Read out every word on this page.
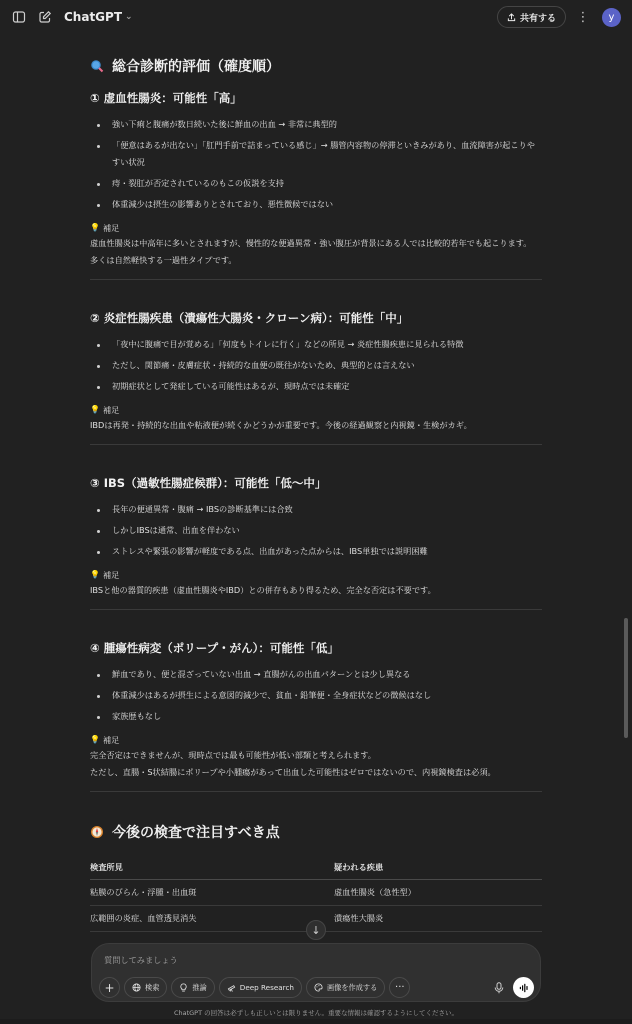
ChatGPT ⌄	共有する ⋮	y
総合診断的評価（確度順）
① 虚血性腸炎：可能性「高」
強い下痢と腹痛が数日続いた後に鮮血の出血 → 非常に典型的
「便意はあるが出ない」「肛門手前で詰まっている感じ」→ 腸管内容物の停滞といきみがあり、血流障害が起こりやすい状況
痔・裂肛が否定されているのもこの仮説を支持
体重減少は摂生の影響ありとされており、悪性徴候ではない
💡 補足
虚血性腸炎は中高年に多いとされますが、慢性的な便過異常・強い腹圧が背景にある人では比較的若年でも起こります。
多くは自然軽快する一過性タイプです。
② 炎症性腸疾患（潰瘍性大腸炎・クローン病）：可能性「中」
「夜中に腹痛で目が覚める」「何度もトイレに行く」などの所見 → 炎症性腸疾患に見られる特徴
ただし、関節痛・皮膚症状・持続的な血便の既往がないため、典型的とは言えない
初期症状として発症している可能性はあるが、現時点では未確定
💡 補足
IBDは再発・持続的な出血や粘液便が続くかどうかが重要です。今後の経過観察と内視鏡・生検がカギ。
③ IBS（過敏性腸症候群）：可能性「低〜中」
長年の便通異常・腹痛 → IBSの診断基準には合致
しかしIBSは通常、出血を伴わない
ストレスや緊張の影響が軽度である点、出血があった点からは、IBS単独では説明困難
💡 補足
IBSと他の器質的疾患（虚血性腸炎やIBD）との併存もあり得るため、完全な否定は不要です。
④ 腫瘍性病変（ポリープ・がん）：可能性「低」
鮮血であり、便と混ざっていない出血 → 直腸がんの出血パターンとは少し異なる
体重減少はあるが摂生による意図的減少で、貧血・鉛筆便・全身症状などの徴候はなし
家族歴もなし
💡 補足
完全否定はできませんが、現時点では最も可能性が低い部類と考えられます。
ただし、直腸・S状結腸にポリープや小腫瘍があって出血した可能性はゼロではないので、内視鏡検査は必須。
今後の検査で注目すべき点
検査所見	疑われる疾患
粘膜のびらん・浮腫・出血斑	虚血性腸炎（急性型）
広範囲の炎症、血管透見消失	潰瘍性大腸炎
↓
質問してみましょう
+	検索	推論	Deep Research	画像を作成する	···
ChatGPT の回答は必ずしも正しいとは限りません。重要な情報は確認するようにしてください。
